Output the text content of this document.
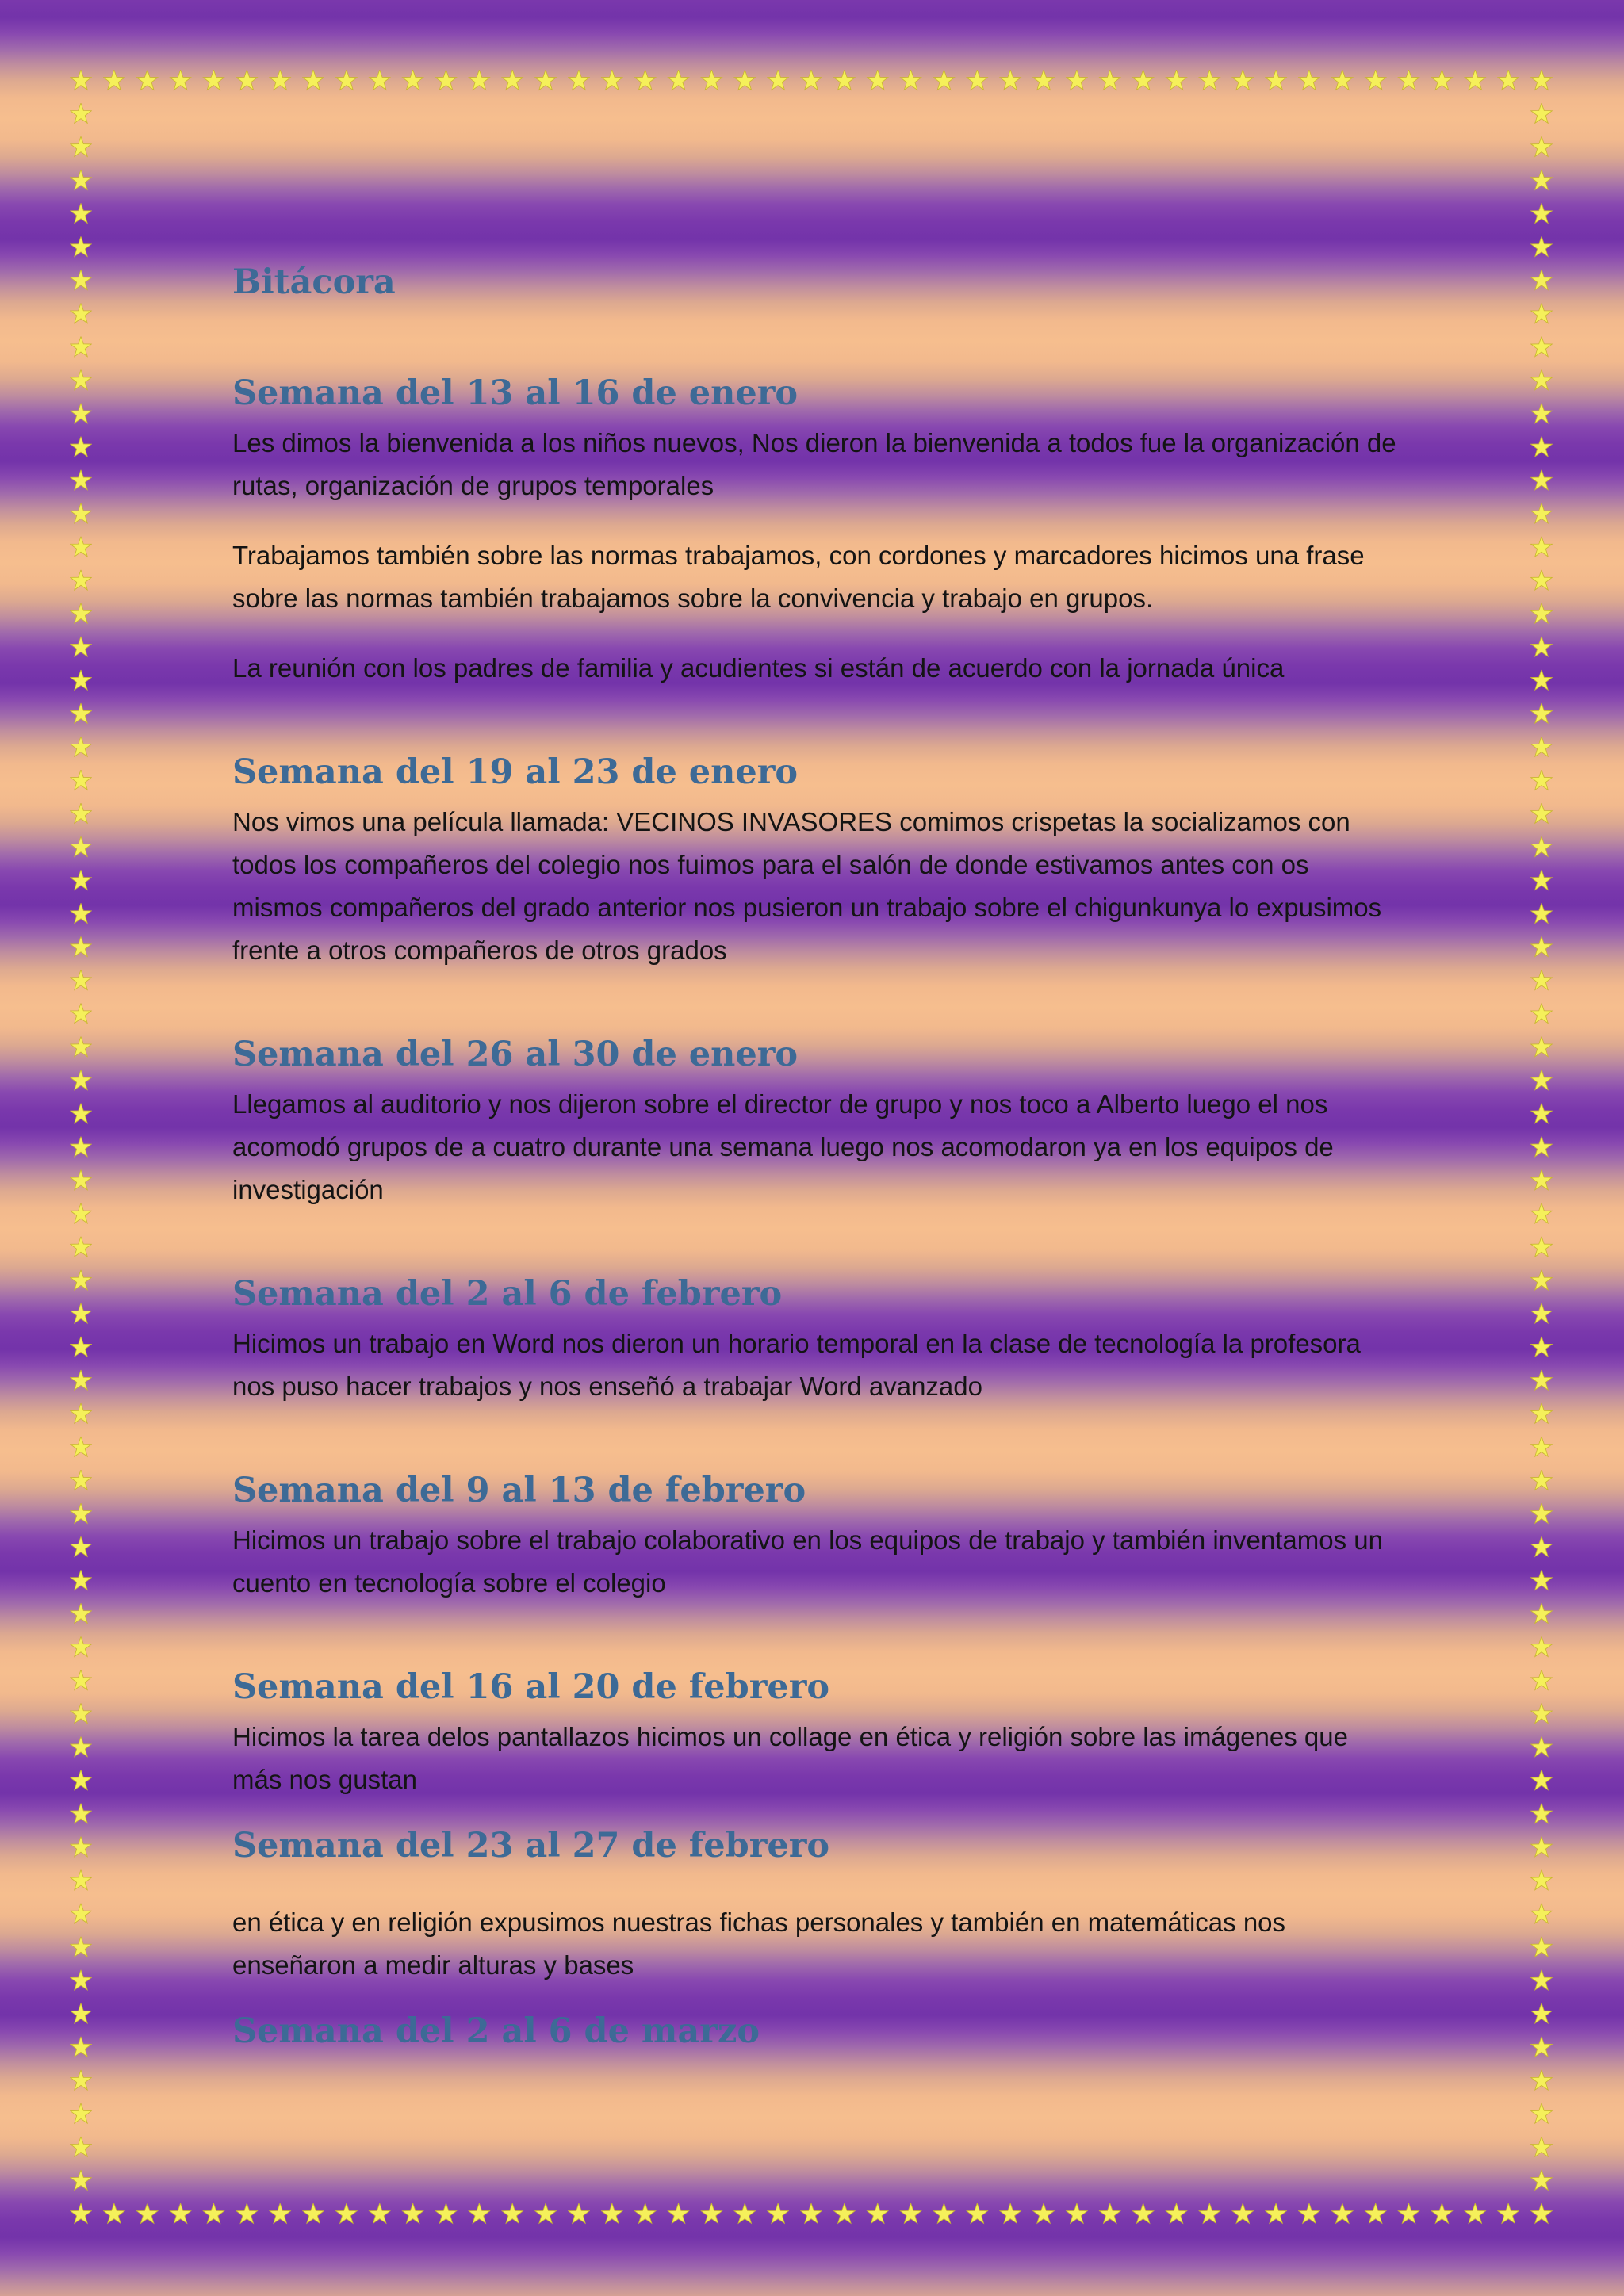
Bitácora
Semana del 13 al 16 de enero

Les dimos la bienvenida a los niños nuevos, Nos dieron la bienvenida a todos fue la organización de rutas, organización de grupos temporales

Trabajamos también sobre las normas trabajamos, con cordones y marcadores hicimos una frase sobre las normas también trabajamos sobre la convivencia y trabajo en grupos.

La reunión con los padres de familia y acudientes si están de acuerdo con la jornada única

Semana del 19 al 23 de enero

Nos vimos una película llamada: VECINOS INVASORES comimos crispetas la socializamos con todos los compañeros del colegio nos fuimos para el salón de donde estivamos antes con os mismos compañeros del grado anterior nos pusieron un trabajo sobre el chigunkunya lo expusimos frente a otros compañeros de otros grados

Semana del 26 al 30 de enero

Llegamos al auditorio y nos dijeron sobre el director de grupo y nos toco a Alberto luego el nos acomodó grupos de a cuatro durante una semana luego nos acomodaron ya en los equipos de investigación

Semana del 2 al 6 de febrero

Hicimos un trabajo en Word nos dieron un horario temporal en la clase de tecnología la profesora nos puso hacer trabajos y nos enseñó a trabajar Word avanzado

Semana del 9 al 13 de febrero

Hicimos un trabajo sobre el trabajo colaborativo en los equipos de trabajo y también inventamos un cuento en tecnología sobre el colegio

Semana del 16 al 20 de febrero

Hicimos la tarea delos pantallazos hicimos un collage en ética y religión sobre las imágenes que más nos gustan

Semana del 23 al 27 de febrero

en ética y en religión expusimos nuestras fichas personales y también en matemáticas nos enseñaron a medir alturas y bases

Semana del 2 al 6 de marzo
